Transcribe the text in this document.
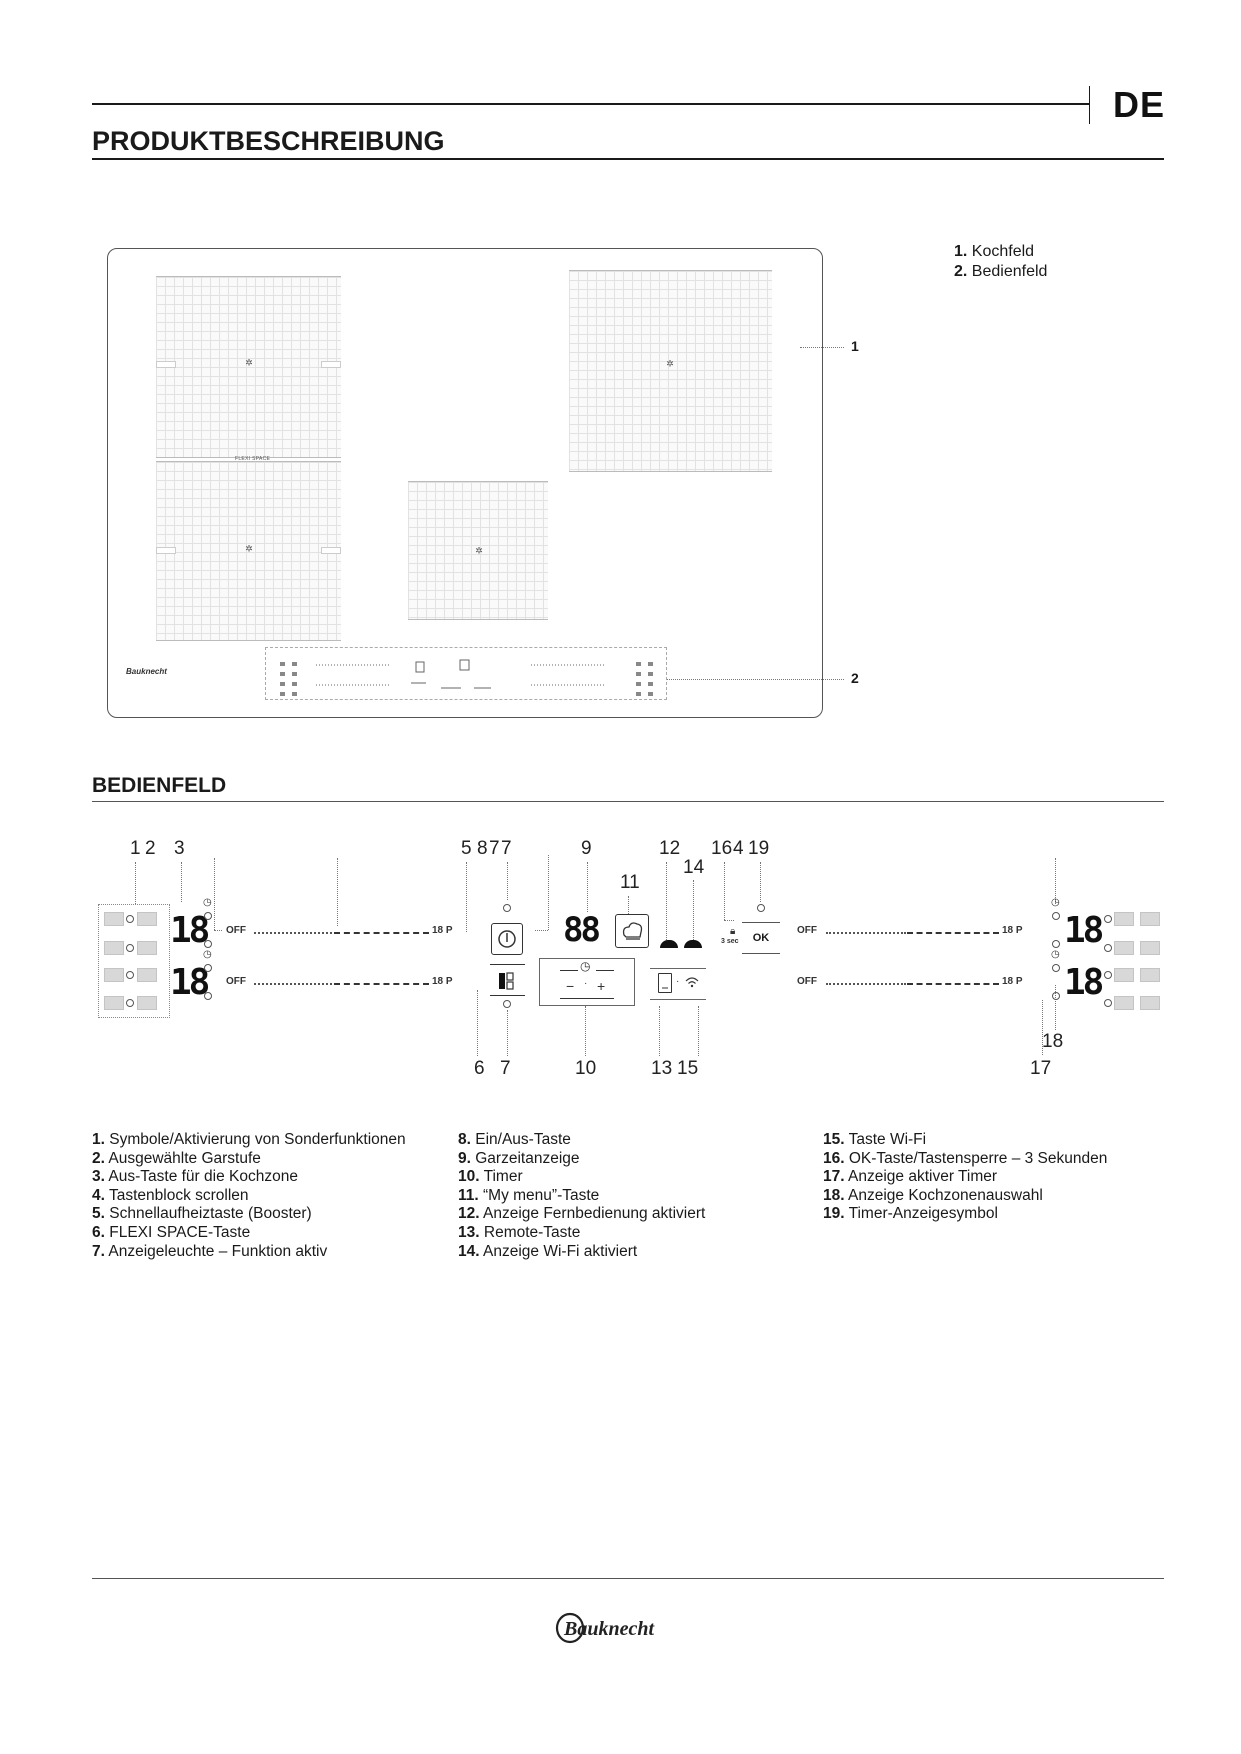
DE
PRODUKTBESCHREIBUNG
1. Kochfeld
2. Bedienfeld
✲
✲	✲
✲
FLEXI SPACE
Bauknecht
1
2
BEDIENFELD
1 2 3	5 8 7 7	9
11
12
14
16 4 19
6 7	10	13 15
18
17
18
18
◷
◷
OFF	18 P
OFF	18 P
88
◷
− · +	·
🔒︎
3 sec	OK
OFF	18 P
OFF	18 P
◷
◷
18
18
1. Symbole/Aktivierung von Sonderfunktionen
2. Ausgewählte Garstufe
3. Aus-Taste für die Kochzone
4. Tastenblock scrollen
5. Schnellaufheiztaste (Booster)
6. FLEXI SPACE-Taste
7. Anzeigeleuchte – Funktion aktiv
8. Ein/Aus-Taste
9. Garzeitanzeige
10. Timer
11. “My menu”-Taste
12. Anzeige Fernbedienung aktiviert
13. Remote-Taste
14. Anzeige Wi-Fi aktiviert
15. Taste Wi-Fi
16. OK-Taste/Tastensperre – 3 Sekunden
17. Anzeige aktiver Timer
18. Anzeige Kochzonenauswahl
19. Timer-Anzeigesymbol
Bauknecht
